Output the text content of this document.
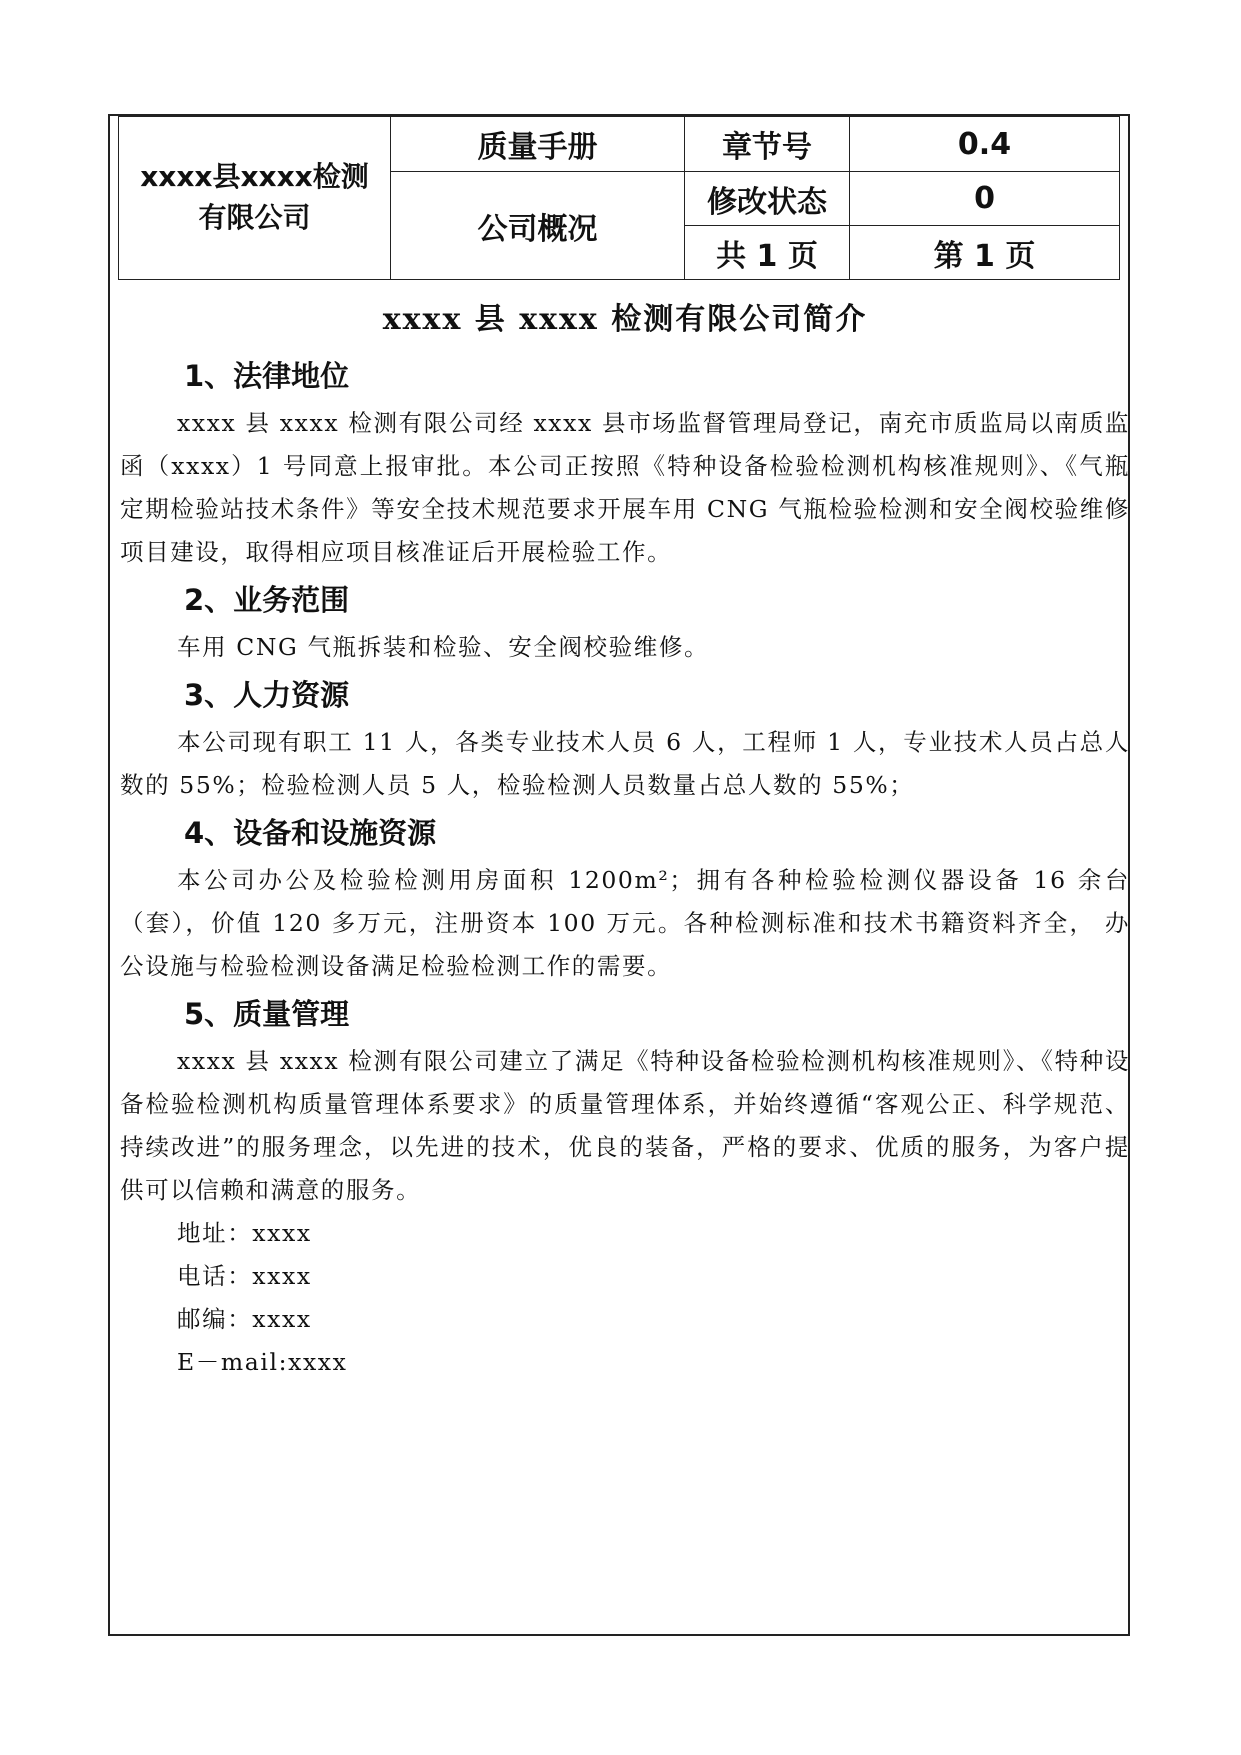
xxxx县xxxx检测有限公司	质量手册	章节号	0.4
	公司概况	修改状态	0
		共 1 页	第 1 页
xxxx 县 xxxx 检测有限公司简介
1、法律地位

xxxx 县 xxxx 检测有限公司经 xxxx 县市场监督管理局登记，南充市质监局以南质监函（xxxx）1 号同意上报审批。本公司正按照《特种设备检验检测机构核准规则》、《气瓶定期检验站技术条件》等安全技术规范要求开展车用 CNG 气瓶检验检测和安全阀校验维修项目建设，取得相应项目核准证后开展检验工作。

2、业务范围

车用 CNG 气瓶拆装和检验、安全阀校验维修。

3、人力资源

本公司现有职工 11 人，各类专业技术人员 6 人，工程师 1 人，专业技术人员占总人数的 55%；检验检测人员 5 人，检验检测人员数量占总人数的 55%；

4、设备和设施资源

本公司办公及检验检测用房面积 1200m²；拥有各种检验检测仪器设备 16 余台（套），价值 120 多万元，注册资本 100 万元。各种检测标准和技术书籍资料齐全， 办公设施与检验检测设备满足检验检测工作的需要。

5、质量管理

xxxx 县 xxxx 检测有限公司建立了满足《特种设备检验检测机构核准规则》、《特种设备检验检测机构质量管理体系要求》的质量管理体系，并始终遵循“客观公正、科学规范、持续改进”的服务理念，以先进的技术，优良的装备，严格的要求、优质的服务，为客户提供可以信赖和满意的服务。

地址：xxxx

电话：xxxx

邮编：xxxx

E－mail:xxxx
